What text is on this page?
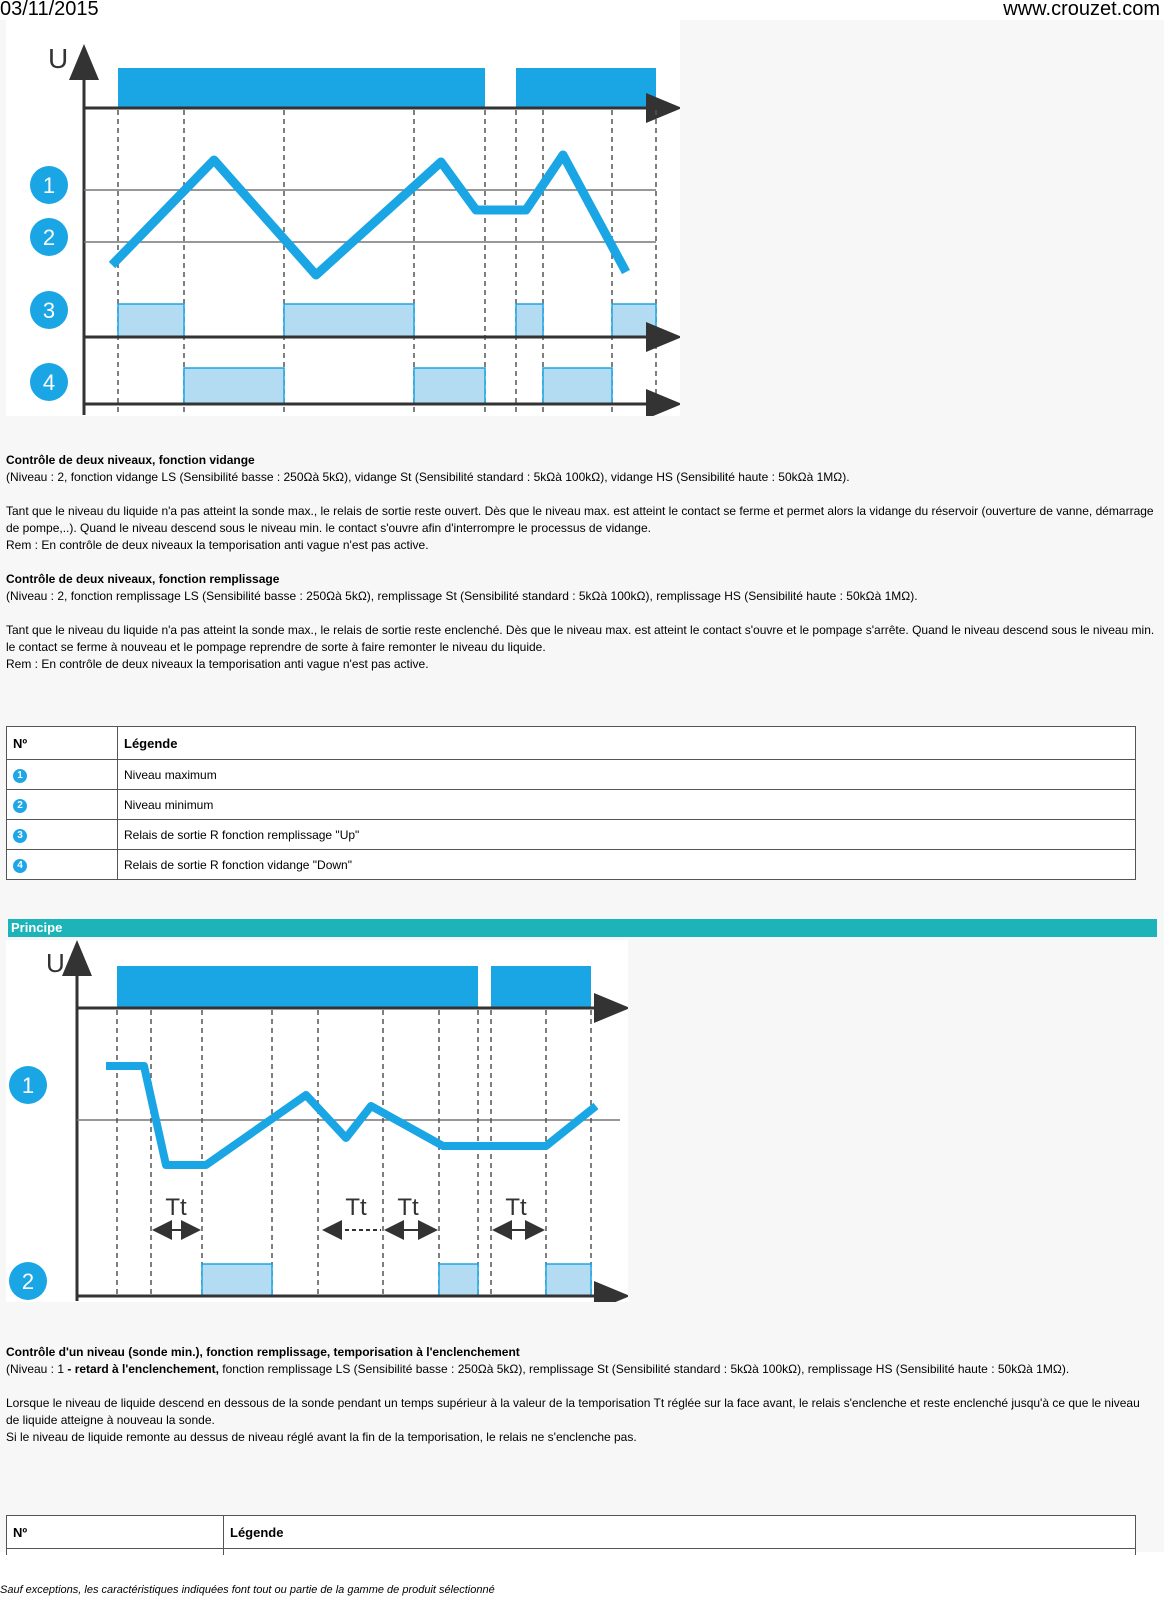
03/11/2015	www.crouzet.com
U
1
2
3
4

Contrôle de deux niveaux, fonction vidange

(Niveau : 2, fonction vidange LS (Sensibilité basse : 250Ωà 5kΩ), vidange St (Sensibilité standard : 5kΩà 100kΩ), vidange HS (Sensibilité haute : 50kΩà 1MΩ).

Tant que le niveau du liquide n'a pas atteint la sonde max., le relais de sortie reste ouvert. Dès que le niveau max. est atteint le contact se ferme et permet alors la vidange du réservoir (ouverture de vanne, démarrage de pompe,..). Quand le niveau descend sous le niveau min. le contact s'ouvre afin d'interrompre le processus de vidange.

Rem : En contrôle de deux niveaux la temporisation anti vague n'est pas active.

Contrôle de deux niveaux, fonction remplissage

(Niveau : 2, fonction remplissage LS (Sensibilité basse : 250Ωà 5kΩ), remplissage St (Sensibilité standard : 5kΩà 100kΩ), remplissage HS (Sensibilité haute : 50kΩà 1MΩ).

Tant que le niveau du liquide n'a pas atteint la sonde max., le relais de sortie reste enclenché. Dès que le niveau max. est atteint le contact s'ouvre et le pompage s'arrête. Quand le niveau descend sous le niveau min. le contact se ferme à nouveau et le pompage reprendre de sorte à faire remonter le niveau du liquide.

Rem : En contrôle de deux niveaux la temporisation anti vague n'est pas active.

Nº	Légende
1	Niveau maximum
2	Niveau minimum
3	Relais de sortie R fonction remplissage "Up"
4	Relais de sortie R fonction vidange "Down"
Principe
U
Tt	Tt Tt	Tt
1
2

Contrôle d'un niveau (sonde min.), fonction remplissage, temporisation à l'enclenchement

(Niveau : 1 - retard à l'enclenchement, fonction remplissage LS (Sensibilité basse : 250Ωà 5kΩ), remplissage St (Sensibilité standard : 5kΩà 100kΩ), remplissage HS (Sensibilité haute : 50kΩà 1MΩ).

Lorsque le niveau de liquide descend en dessous de la sonde pendant un temps supérieur à la valeur de la temporisation Tt réglée sur la face avant, le relais s'enclenche et reste enclenché jusqu'à ce que le niveau de liquide atteigne à nouveau la sonde.

Si le niveau de liquide remonte au dessus de niveau réglé avant la fin de la temporisation, le relais ne s'enclenche pas.

Nº	Légende

Sauf exceptions, les caractéristiques indiquées font tout ou partie de la gamme de produit sélectionné
